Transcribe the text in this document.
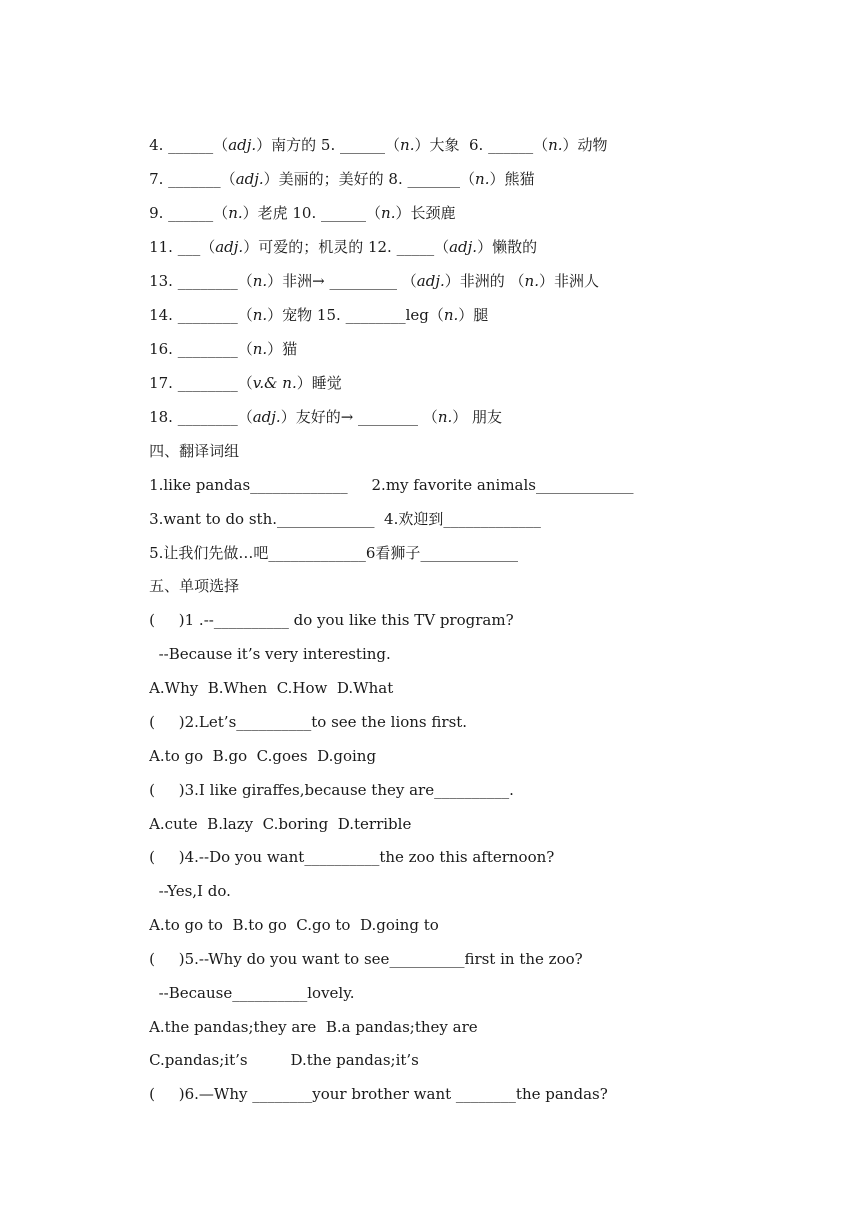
4. ______（adj.）南方的 5. ______（n.）大象  6. ______（n.）动物

7. _______（adj.）美丽的；美好的 8. _______（n.）熊猫

9. ______（n.）老虎 10. ______（n.）长颈鹿

11. ___（adj.）可爱的；机灵的 12. _____（adj.）懒散的

13. ________（n.）非洲→ _________ （adj.）非洲的 （n.）非洲人

14. ________（n.）宠物 15. ________leg（n.）腿

16. ________（n.）猫

17. ________（v.& n.）睡觉

18. ________（adj.）友好的→ ________ （n.） 朋友

四、翻译词组

1.like pandas_____________     2.my favorite animals_____________

3.want to do sth._____________  4.欢迎到_____________

5.让我们先做…吧_____________6看狮子_____________

五、单项选择

(     )1 .--__________ do you like this TV program?

--Because it’s very interesting.

A.Why  B.When  C.How  D.What

(     )2.Let’s__________to see the lions first.

A.to go  B.go  C.goes  D.going

(     )3.I like giraffes,because they are__________.

A.cute  B.lazy  C.boring  D.terrible

(     )4.--Do you want__________the zoo this afternoon?

--Yes,I do.

A.to go to  B.to go  C.go to  D.going to

(     )5.--Why do you want to see__________first in the zoo?

--Because__________lovely.

A.the pandas;they are  B.a pandas;they are

C.pandas;it’s         D.the pandas;it’s

(     )6.—Why ________your brother want ________the pandas?
